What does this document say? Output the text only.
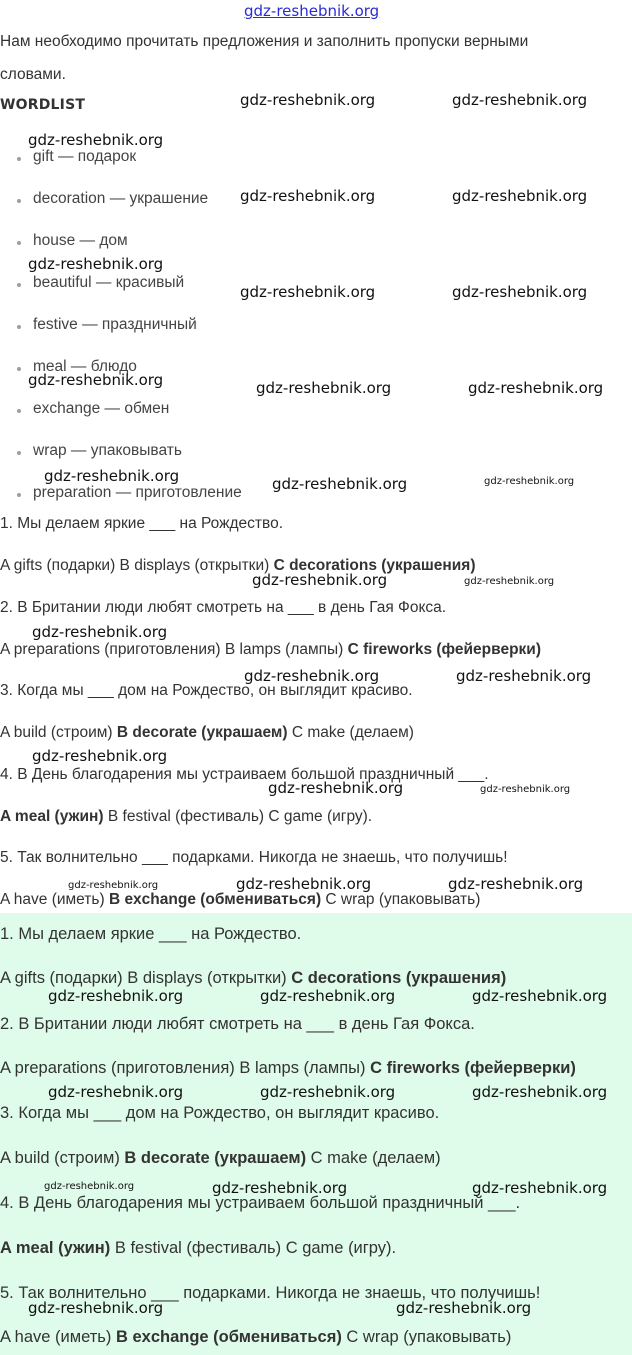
gdz-reshebnik.org
Нам необходимо прочитать предложения и заполнить пропуски верными
словами.
WORDLIST
gift — подарок
decoration — украшение
house — дом
beautiful — красивый
festive — праздничный
meal — блюдо
exchange — обмен
wrap — упаковывать
preparation — приготовление
1. Мы делаем яркие ___ на Рождество.
A gifts (подарки) B displays (открытки) C decorations (украшения)
2. В Британии люди любят смотреть на ___ в день Гая Фокса.
A preparations (приготовления) B lamps (лампы) C fireworks (фейерверки)
3. Когда мы ___ дом на Рождество, он выглядит красиво.
A build (строим) B decorate (украшаем) C make (делаем)
4. В День благодарения мы устраиваем большой праздничный ___.
A meal (ужин) B festival (фестиваль) C game (игру).
5. Так волнительно ___ подарками. Никогда не знаешь, что получишь!
A have (иметь) B exchange (обмениваться) C wrap (упаковывать)
1. Мы делаем яркие ___ на Рождество.
A gifts (подарки) B displays (открытки) C decorations (украшения)
2. В Британии люди любят смотреть на ___ в день Гая Фокса.
A preparations (приготовления) B lamps (лампы) C fireworks (фейерверки)
3. Когда мы ___ дом на Рождество, он выглядит красиво.
A build (строим) B decorate (украшаем) C make (делаем)
4. В День благодарения мы устраиваем большой праздничный ___.
A meal (ужин) B festival (фестиваль) C game (игру).
5. Так волнительно ___ подарками. Никогда не знаешь, что получишь!
A have (иметь) B exchange (обмениваться) C wrap (упаковывать)
gdz-reshebnik.org	gdz-reshebnik.org
gdz-reshebnik.org
gdz-reshebnik.org	gdz-reshebnik.org
gdz-reshebnik.org
gdz-reshebnik.org	gdz-reshebnik.org
gdz-reshebnik.org	gdz-reshebnik.org	gdz-reshebnik.org
gdz-reshebnik.org	gdz-reshebnik.org	gdz-reshebnik.org
gdz-reshebnik.org	gdz-reshebnik.org
gdz-reshebnik.org
gdz-reshebnik.org	gdz-reshebnik.org
gdz-reshebnik.org
gdz-reshebnik.org	gdz-reshebnik.org
gdz-reshebnik.org	gdz-reshebnik.org	gdz-reshebnik.org
gdz-reshebnik.org	gdz-reshebnik.org	gdz-reshebnik.org
gdz-reshebnik.org	gdz-reshebnik.org	gdz-reshebnik.org
gdz-reshebnik.org	gdz-reshebnik.org	gdz-reshebnik.org
gdz-reshebnik.org	gdz-reshebnik.org
